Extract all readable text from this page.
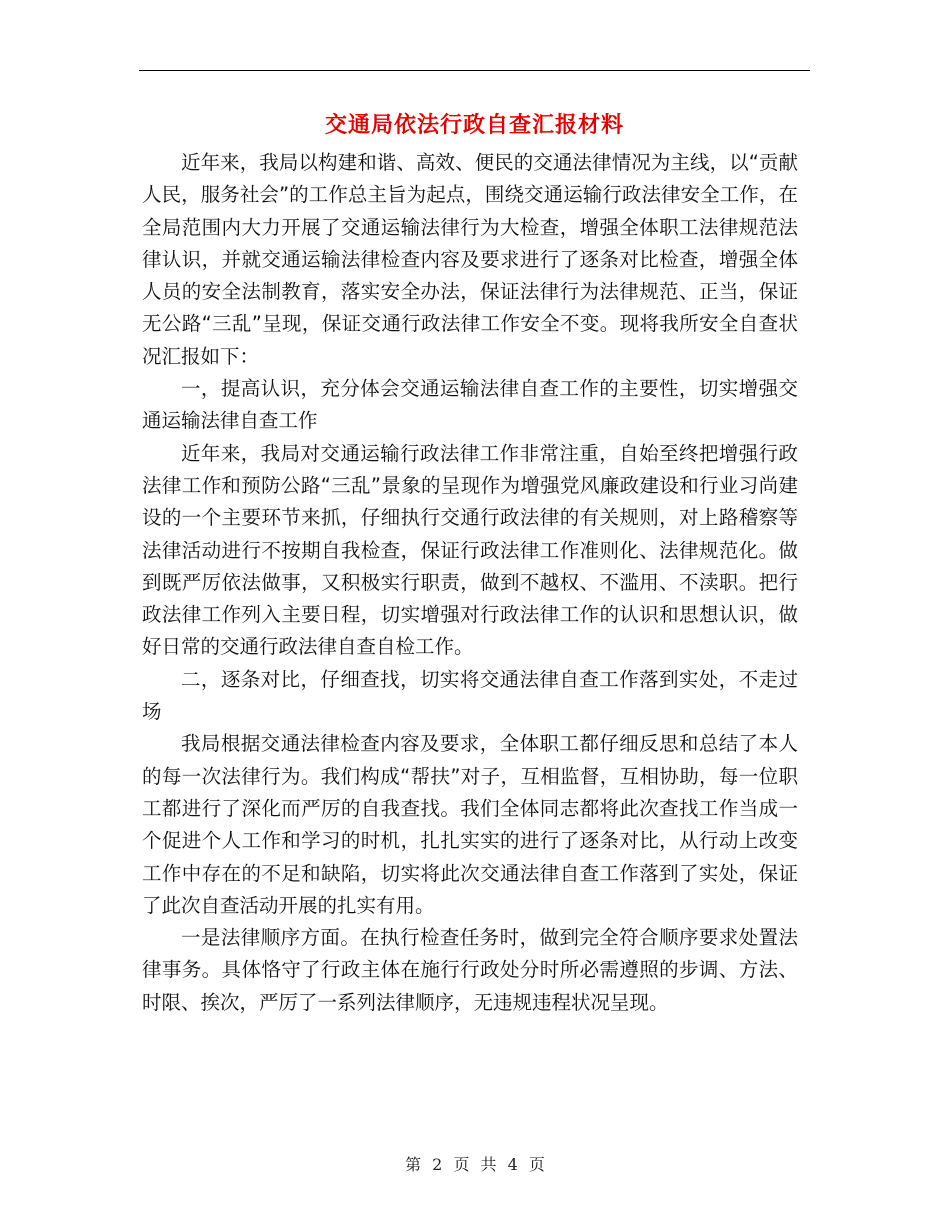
交通局依法行政自查汇报材料

近年来，我局以构建和谐、高效、便民的交通法律情况为主线，以“贡献人民，服务社会”的工作总主旨为起点，围绕交通运输行政法律安全工作，在全局范围内大力开展了交通运输法律行为大检查，增强全体职工法律规范法律认识，并就交通运输法律检查内容及要求进行了逐条对比检查，增强全体人员的安全法制教育，落实安全办法，保证法律行为法律规范、正当，保证无公路“三乱”呈现，保证交通行政法律工作安全不变。现将我所安全自查状况汇报如下：

一，提高认识，充分体会交通运输法律自查工作的主要性，切实增强交通运输法律自查工作

近年来，我局对交通运输行政法律工作非常注重，自始至终把增强行政法律工作和预防公路“三乱”景象的呈现作为增强党风廉政建设和行业习尚建设的一个主要环节来抓，仔细执行交通行政法律的有关规则，对上路稽察等法律活动进行不按期自我检查，保证行政法律工作准则化、法律规范化。做到既严厉依法做事，又积极实行职责，做到不越权、不滥用、不渎职。把行政法律工作列入主要日程，切实增强对行政法律工作的认识和思想认识，做好日常的交通行政法律自查自检工作。

二，逐条对比，仔细查找，切实将交通法律自查工作落到实处，不走过场

我局根据交通法律检查内容及要求，全体职工都仔细反思和总结了本人的每一次法律行为。我们构成“帮扶”对子，互相监督，互相协助，每一位职工都进行了深化而严厉的自我查找。我们全体同志都将此次查找工作当成一个促进个人工作和学习的时机，扎扎实实的进行了逐条对比，从行动上改变工作中存在的不足和缺陷，切实将此次交通法律自查工作落到了实处，保证了此次自查活动开展的扎实有用。

一是法律顺序方面。在执行检查任务时，做到完全符合顺序要求处置法律事务。具体恪守了行政主体在施行行政处分时所必需遵照的步调、方法、时限、挨次，严厉了一系列法律顺序，无违规违程状况呈现。

第 2 页 共 4 页
